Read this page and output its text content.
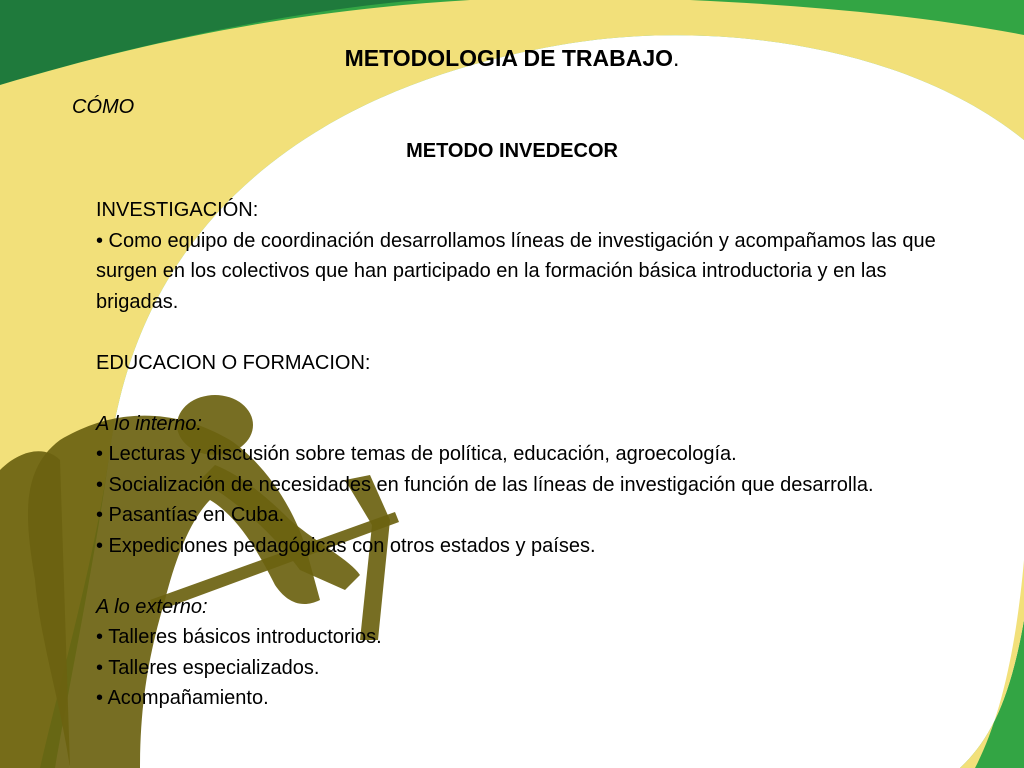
METODOLOGIA DE TRABAJO.
CÓMO
METODO INVEDECOR

INVESTIGACIÓN:

• Como equipo de coordinación desarrollamos líneas de investigación y acompañamos las que surgen en los colectivos que han participado en la formación básica introductoria y en las brigadas.

EDUCACION O FORMACION:

A lo interno:

• Lecturas y discusión sobre temas de política, educación, agroecología.

• Socialización de necesidades en función de las líneas de investigación que desarrolla.

• Pasantías en Cuba.

• Expediciones pedagógicas con otros estados y países.

A lo externo:

• Talleres básicos introductorios.

• Talleres especializados.

• Acompañamiento.
